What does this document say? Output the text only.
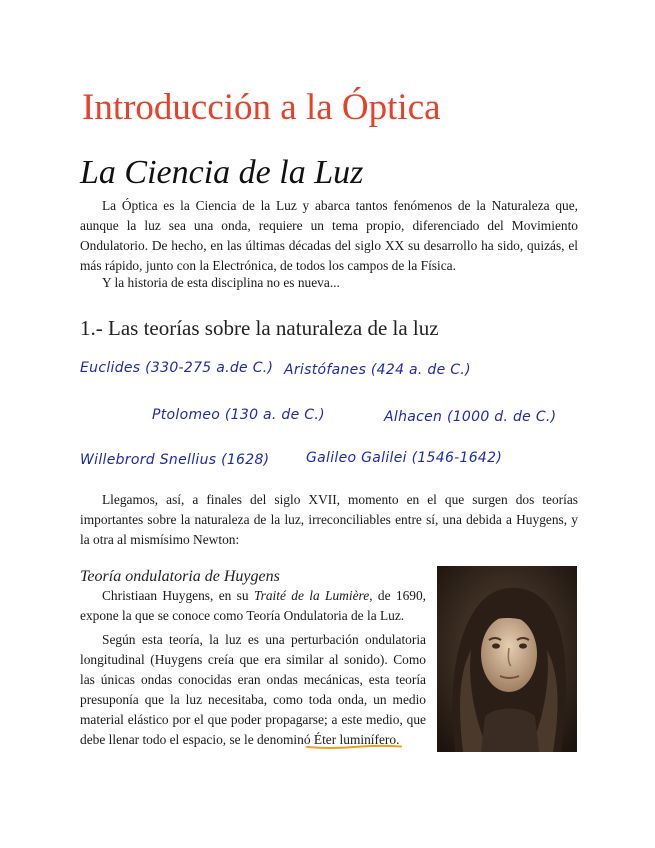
Introducción a la Óptica
La Ciencia de la Luz

La Óptica es la Ciencia de la Luz y abarca tantos fenómenos de la Naturaleza que, aunque la luz sea una onda, requiere un tema propio, diferenciado del Movimiento Ondulatorio. De hecho, en las últimas décadas del siglo XX su desarrollo ha sido, quizás, el más rápido, junto con la Electrónica, de todos los campos de la Física.

Y la historia de esta disciplina no es nueva...

1.- Las teorías sobre la naturaleza de la luz

Euclides (330-275 a.de C.) Aristófanes (424 a. de C.)

Ptolomeo (130 a. de C.)	Alhacen (1000 d. de C.)

Willebrord Snellius (1628)	Galileo Galilei (1546-1642)

Llegamos, así, a finales del siglo XVII, momento en el que surgen dos teorías importantes sobre la naturaleza de la luz, irreconciliables entre sí, una debida a Huygens, y la otra al mismísimo Newton:

Teoría ondulatoria de Huygens

Christiaan Huygens, en su Traité de la Lumière, de 1690, expone la que se conoce como Teoría Ondulatoria de la Luz.

Según esta teoría, la luz es una perturbación ondulatoria longitudinal (Huygens creía que era similar al sonido). Como las únicas ondas conocidas eran ondas mecánicas, esta teoría presuponía que la luz necesitaba, como toda onda, un medio material elástico por el que poder propagarse; a este medio, que debe llenar todo el espacio, se le denominó Éter luminífero.
